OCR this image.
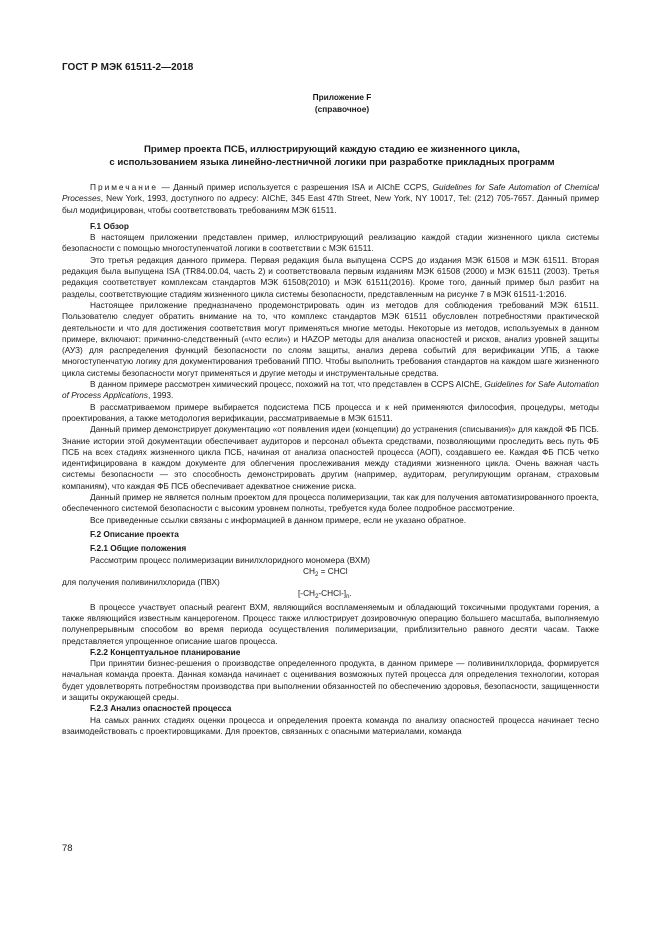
ГОСТ Р МЭК 61511-2—2018
Приложение F
(справочное)
Пример проекта ПСБ, иллюстрирующий каждую стадию ее жизненного цикла,
с использованием языка линейно-лестничной логики при разработке прикладных программ

Примечание — Данный пример используется с разрешения ISA и AIChE CCPS, Guidelines for Safe Automation of Chemical Processes, New York, 1993, доступного по адресу: AIChE, 345 East 47th Street, New York, NY 10017, Tel: (212) 705-7657. Данный пример был модифицирован, чтобы соответствовать требованиям МЭК 61511.

F.1 Обзор

В настоящем приложении представлен пример, иллюстрирующий реализацию каждой стадии жизненного цикла системы безопасности с помощью многоступенчатой логики в соответствии с МЭК 61511.

Это третья редакция данного примера. Первая редакция была выпущена CCPS до издания МЭК 61508 и МЭК 61511. Вторая редакция была выпущена ISA (TR84.00.04, часть 2) и соответствовала первым изданиям МЭК 61508 (2000) и МЭК 61511 (2003). Третья редакция соответствует комплексам стандартов МЭК 61508(2010) и МЭК 61511(2016). Кроме того, данный пример был разбит на разделы, соответствующие стадиям жизненного цикла системы безопасности, представленным на рисунке 7 в МЭК 61511-1:2016.

Настоящее приложение предназначено продемонстрировать один из методов для соблюдения требований МЭК 61511. Пользователю следует обратить внимание на то, что комплекс стандартов МЭК 61511 обусловлен потребностями практической деятельности и что для достижения соответствия могут применяться многие методы. Некоторые из методов, используемых в данном примере, включают: причинно-следственный («что если») и HAZOP методы для анализа опасностей и рисков, анализ уровней защиты (АУЗ) для распределения функций безопасности по слоям защиты, анализ дерева событий для верификации УПБ, а также многоступенчатую логику для документирования требований ППО. Чтобы выполнить требования стандартов на каждом шаге жизненного цикла системы безопасности могут применяться и другие методы и инструментальные средства.

В данном примере рассмотрен химический процесс, похожий на тот, что представлен в CCPS AIChE, Guidelines for Safe Automation of Process Applications, 1993.

В рассматриваемом примере выбирается подсистема ПСБ процесса и к ней применяются философия, процедуры, методы проектирования, а также методология верификации, рассматриваемые в МЭК 61511.

Данный пример демонстрирует документацию «от появления идеи (концепции) до устранения (списывания)» для каждой ФБ ПСБ. Знание истории этой документации обеспечивает аудиторов и персонал объекта средствами, позволяющими проследить весь путь ФБ ПСБ на всех стадиях жизненного цикла ПСБ, начиная от анализа опасностей процесса (АОП), создавшего ее. Каждая ФБ ПСБ четко идентифицирована в каждом документе для облегчения прослеживания между стадиями жизненного цикла. Очень важная часть системы безопасности — это способность демонстрировать другим (например, аудиторам, регулирующим органам, страховым компаниям), что каждая ФБ ПСБ обеспечивает адекватное снижение риска.

Данный пример не является полным проектом для процесса полимеризации, так как для получения автоматизированного проекта, обеспеченного системой безопасности с высоким уровнем полноты, требуется куда более подробное рассмотрение.

Все приведенные ссылки связаны с информацией в данном примере, если не указано обратное.

F.2 Описание проекта

F.2.1 Общие положения

Рассмотрим процесс полимеризации винилхлоридного мономера (ВХМ)

$CH_2$ = CHCl

для получения поливинилхлорида (ПВХ)

$[-CH_2-CHCl-]_n$.

В процессе участвует опасный реагент ВХМ, являющийся воспламеняемым и обладающий токсичными продуктами горения, а также являющийся известным канцерогеном. Процесс также иллюстрирует дозировочную операцию большего масштаба, выполняемую полунепрерывным способом во время периода осуществления полимеризации, приблизительно равного десяти часам. Также представляется упрощенное описание шагов процесса.

F.2.2 Концептуальное планирование

При принятии бизнес-решения о производстве определенного продукта, в данном примере — поливинилхлорида, формируется начальная команда проекта. Данная команда начинает с оценивания возможных путей процесса для определения технологии, которая будет удовлетворять потребностям производства при выполнении обязанностей по обеспечению здоровья, безопасности, защищенности и защиты окружающей среды.

F.2.3 Анализ опасностей процесса

На самых ранних стадиях оценки процесса и определения проекта команда по анализу опасностей процесса начинает тесно взаимодействовать с проектировщиками. Для проектов, связанных с опасными материалами, команда

78
